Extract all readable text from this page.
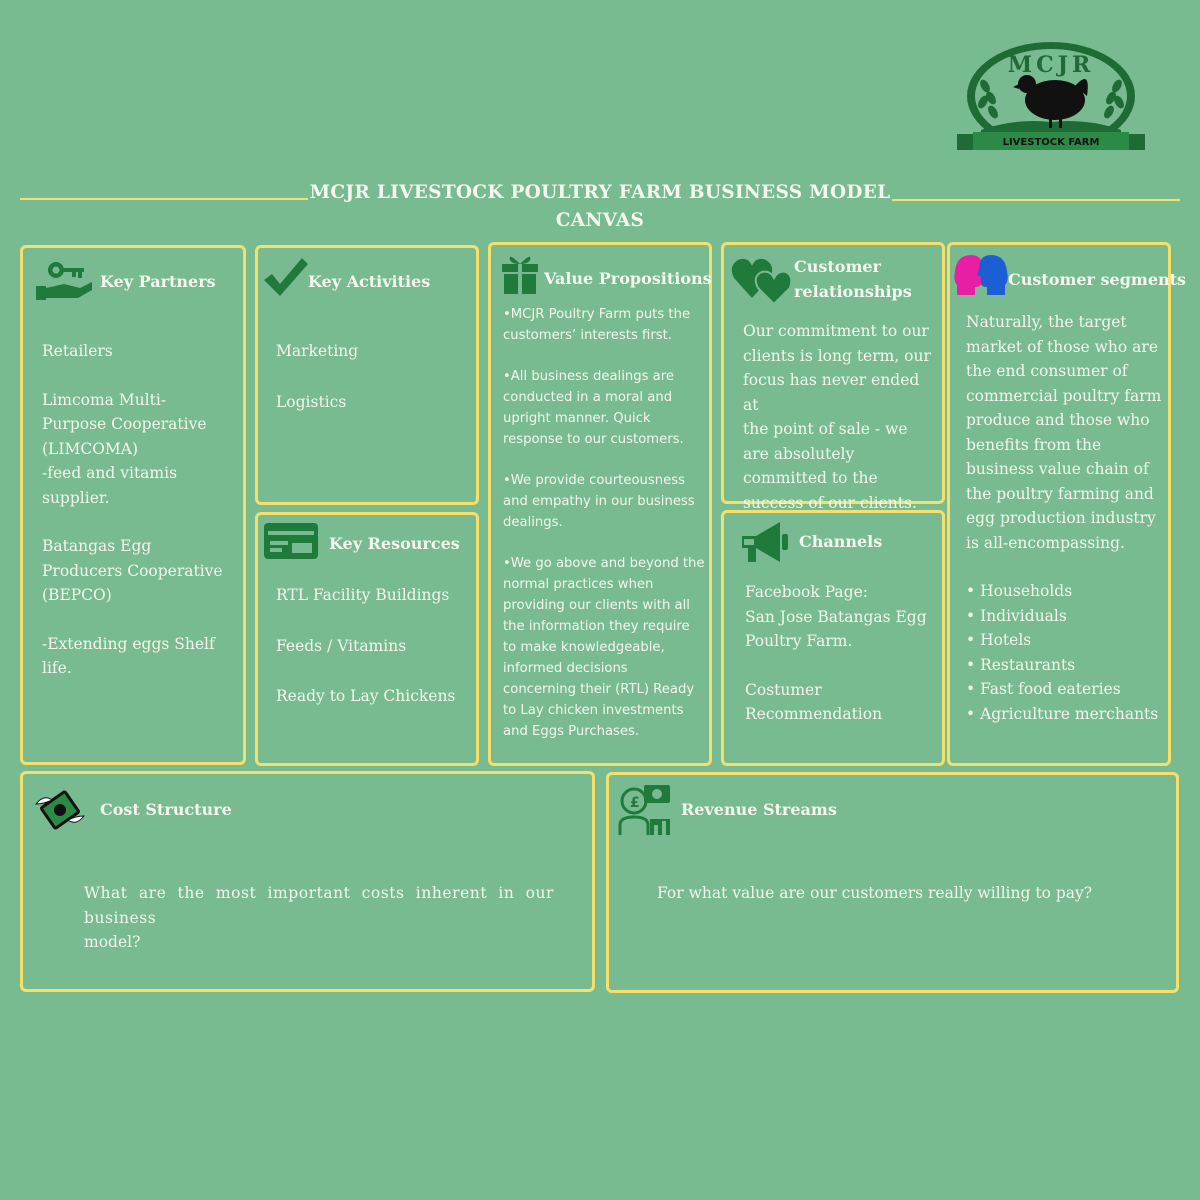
MCJR
LIVESTOCK FARM
MCJR LIVESTOCK POULTRY FARM BUSINESS MODEL
CANVAS
Key Partners
Retailers
Limcoma Multi-
Purpose Cooperative
(LIMCOMA)
-feed and vitamis
supplier.
Batangas Egg
Producers Cooperative
(BEPCO)
-Extending eggs Shelf
life.
Key Activities
Marketing
Logistics
Key Resources
RTL Facility Buildings
Feeds / Vitamins
Ready to Lay Chickens
Value Propositions
•MCJR Poultry Farm puts the
customers’ interests first.
•All business dealings are
conducted in a moral and
upright manner. Quick
response to our customers.
•We provide courteousness
and empathy in our business
dealings.
•We go above and beyond the
normal practices when
providing our clients with all
the information they require
to make knowledgeable,
informed decisions
concerning their (RTL) Ready
to Lay chicken investments
and Eggs Purchases.
Customer
relationships
Our commitment to our
clients is long term, our
focus has never ended at
the point of sale - we
are absolutely
committed to the
success of our clients.
Channels
Facebook Page:
San Jose Batangas Egg
Poultry Farm.
Costumer
Recommendation
Customer segments
Naturally, the target
market of those who are
the end consumer of
commercial poultry farm
produce and those who
benefits from the
business value chain of
the poultry farming and
egg production industry
is all-encompassing.
• Households
• Individuals
• Hotels
• Restaurants
• Fast food eateries
• Agriculture merchants
Cost Structure
What are the most important costs inherent in our business
model?
£	Revenue Streams
For what value are our customers really willing to pay?
